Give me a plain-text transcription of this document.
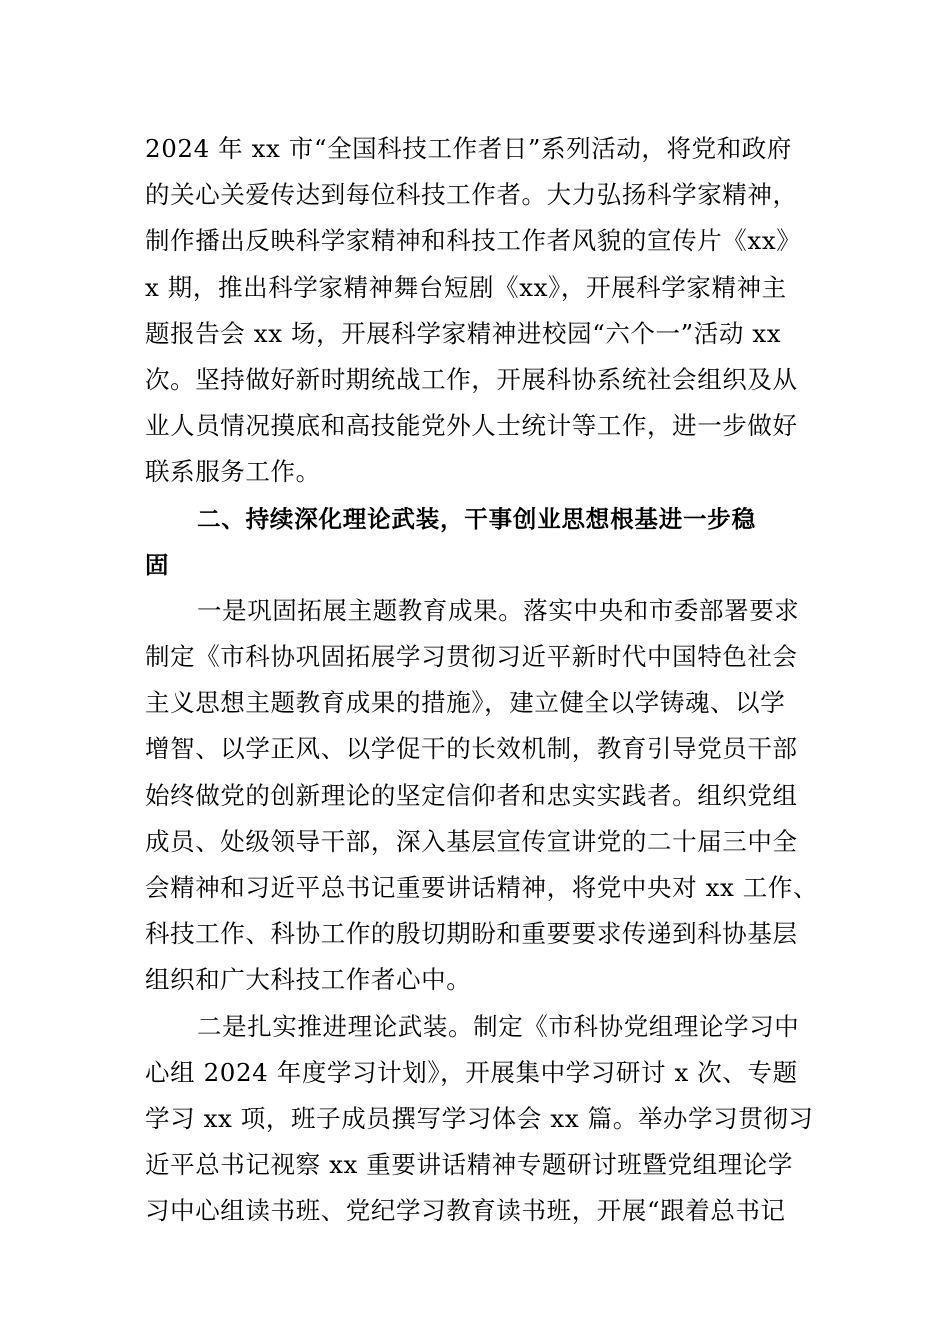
2024 年 xx 市“全国科技工作者日”系列活动，将党和政府
的关心关爱传达到每位科技工作者。大力弘扬科学家精神，
制作播出反映科学家精神和科技工作者风貌的宣传片《xx》
x 期，推出科学家精神舞台短剧《xx》，开展科学家精神主
题报告会 xx 场，开展科学家精神进校园“六个一”活动 xx
次。坚持做好新时期统战工作，开展科协系统社会组织及从
业人员情况摸底和高技能党外人士统计等工作，进一步做好
联系服务工作。
二、持续深化理论武装，干事创业思想根基进一步稳
固
一是巩固拓展主题教育成果。落实中央和市委部署要求
制定《市科协巩固拓展学习贯彻习近平新时代中国特色社会
主义思想主题教育成果的措施》，建立健全以学铸魂、以学
增智、以学正风、以学促干的长效机制，教育引导党员干部
始终做党的创新理论的坚定信仰者和忠实实践者。组织党组
成员、处级领导干部，深入基层宣传宣讲党的二十届三中全
会精神和习近平总书记重要讲话精神，将党中央对 xx 工作、
科技工作、科协工作的殷切期盼和重要要求传递到科协基层
组织和广大科技工作者心中。
二是扎实推进理论武装。制定《市科协党组理论学习中
心组 2024 年度学习计划》，开展集中学习研讨 x 次、专题
学习 xx 项，班子成员撰写学习体会 xx 篇。举办学习贯彻习
近平总书记视察 xx 重要讲话精神专题研讨班暨党组理论学
习中心组读书班、党纪学习教育读书班，开展“跟着总书记
